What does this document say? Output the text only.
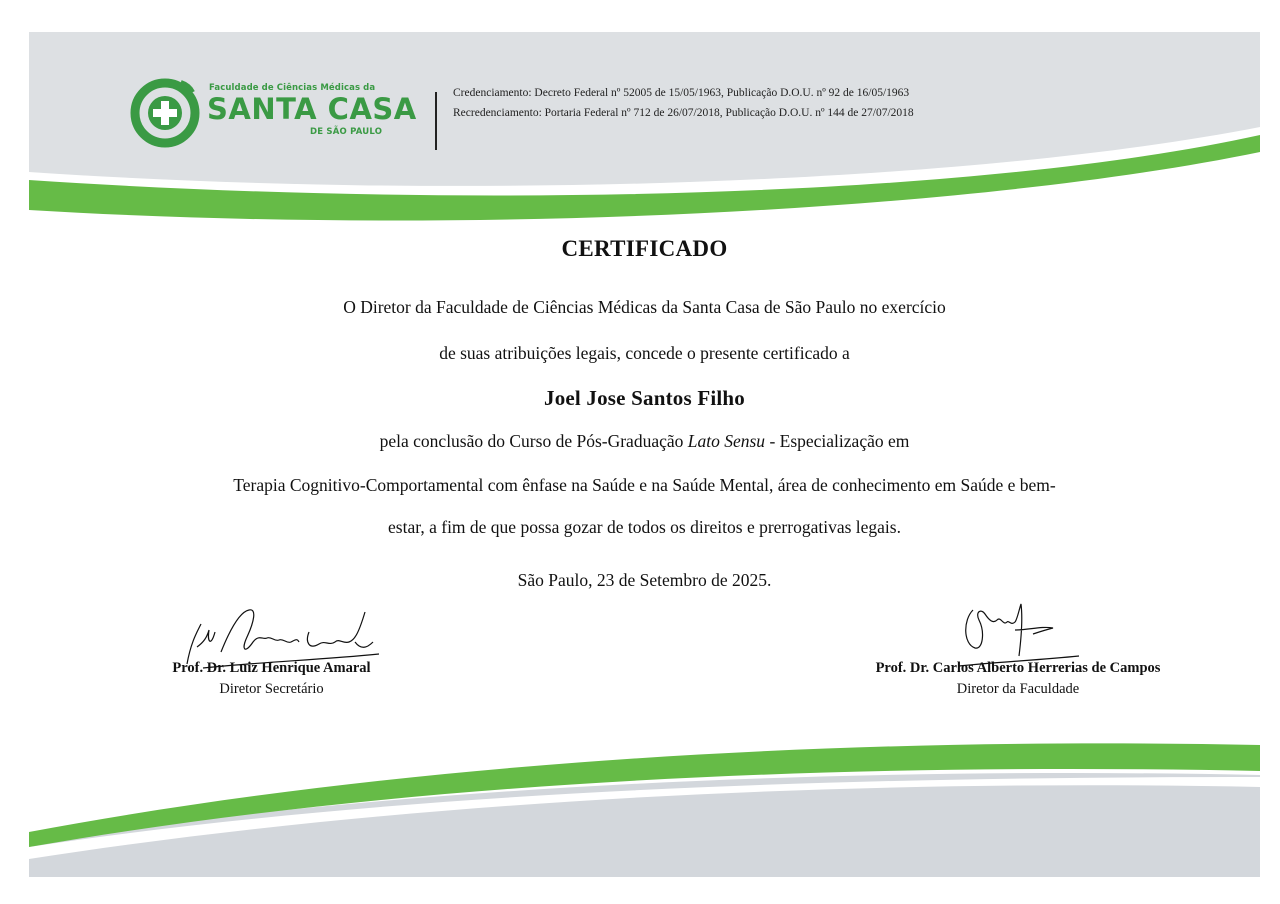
Faculdade de Ciências Médicas da
SANTA CASA
DE SÃO PAULO
Credenciamento: Decreto Federal nº 52005 de 15/05/1963, Publicação D.O.U. nº 92 de 16/05/1963
Recredenciamento: Portaria Federal nº 712 de 26/07/2018, Publicação D.O.U. nº 144 de 27/07/2018
CERTIFICADO
O Diretor da Faculdade de Ciências Médicas da Santa Casa de São Paulo no exercício
de suas atribuições legais, concede o presente certificado a
Joel Jose Santos Filho
pela conclusão do Curso de Pós-Graduação Lato Sensu - Especialização em
Terapia Cognitivo-Comportamental com ênfase na Saúde e na Saúde Mental, área de conhecimento em Saúde e bem-
estar, a fim de que possa gozar de todos os direitos e prerrogativas legais.
São Paulo, 23 de Setembro de 2025.
Prof. Dr. Luiz Henrique Amaral
Diretor Secretário
Prof. Dr. Carlos Alberto Herrerias de Campos
Diretor da Faculdade
